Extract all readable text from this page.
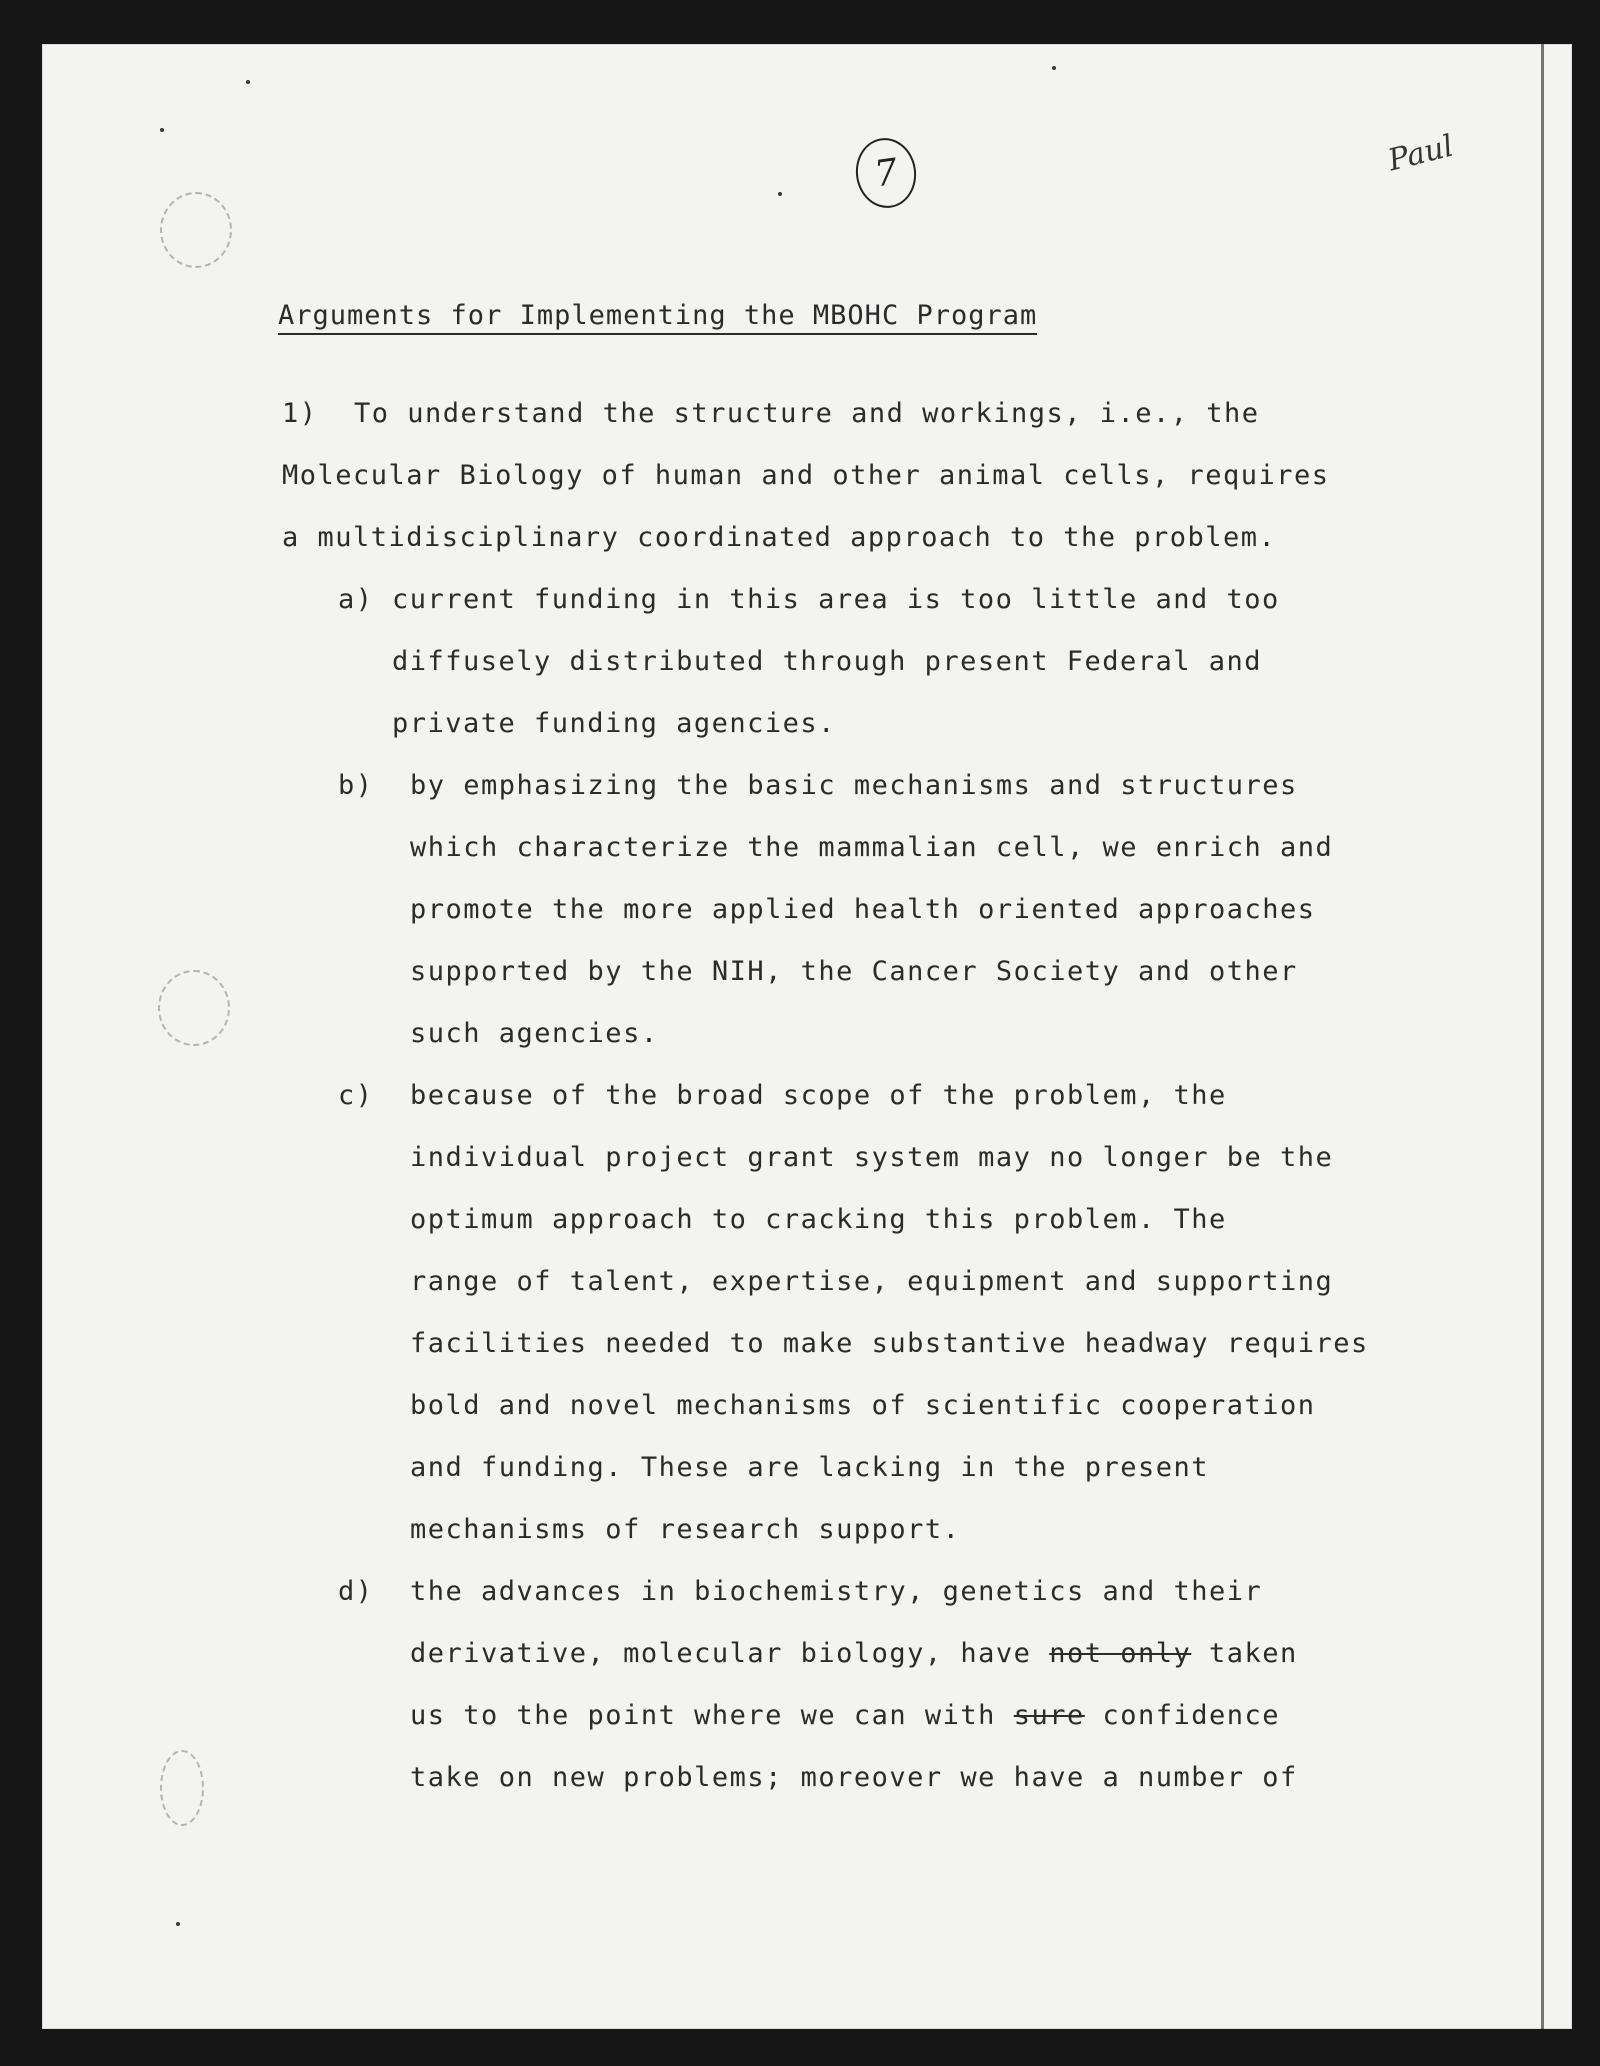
7	Paul
Arguments for Implementing the MBOHC Program
1) To understand the structure and workings, i.e., the
Molecular Biology of human and other animal cells, requires
a multidisciplinary coordinated approach to the problem.
a) current funding in this area is too little and too
diffusely distributed through present Federal and
private funding agencies.
b) by emphasizing the basic mechanisms and structures
which characterize the mammalian cell, we enrich and
promote the more applied health oriented approaches
supported by the NIH, the Cancer Society and other
such agencies.
c) because of the broad scope of the problem, the
individual project grant system may no longer be the
optimum approach to cracking this problem. The
range of talent, expertise, equipment and supporting
facilities needed to make substantive headway requires
bold and novel mechanisms of scientific cooperation
and funding. These are lacking in the present
mechanisms of research support.
d) the advances in biochemistry, genetics and their
derivative, molecular biology, have not only taken
us to the point where we can with sure confidence
take on new problems; moreover we have a number of
